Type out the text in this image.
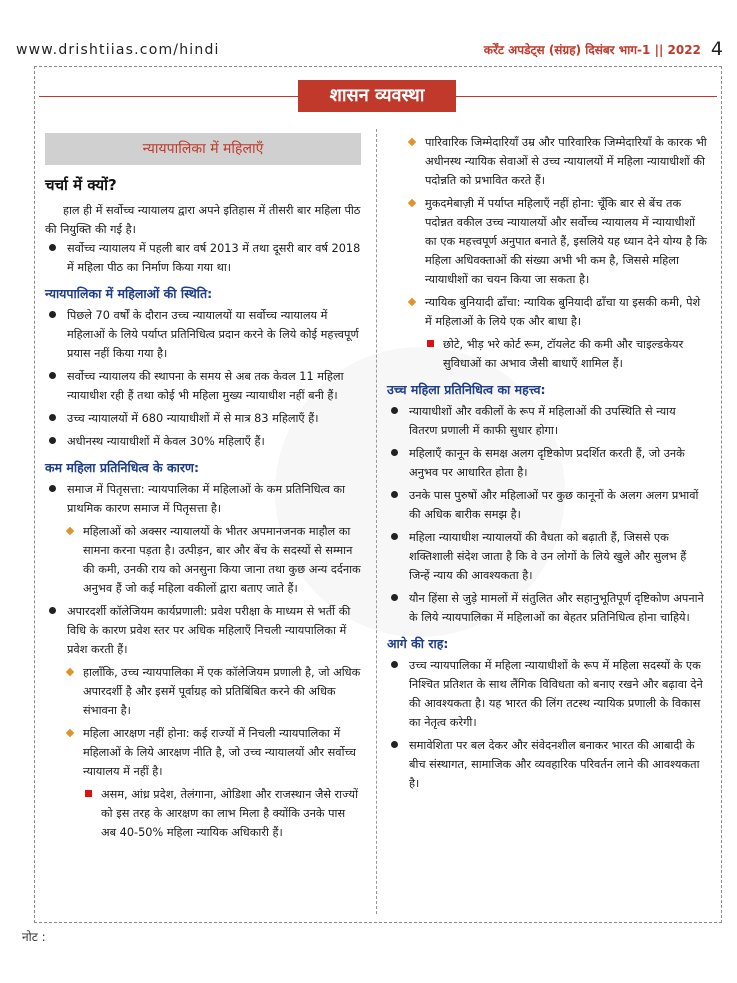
www.drishtiias.com/hindi	कर्रेंट अपडेट्स (संग्रह) दिसंबर भाग-1 || 2022 4
शासन व्यवस्था
न्यायपालिका में महिलाएँ
चर्चा में क्यों?

हाल ही में सर्वोच्च न्यायालय द्वारा अपने इतिहास में तीसरी बार महिला पीठ की नियुक्ति की गई है।

सर्वोच्च न्यायालय में पहली बार वर्ष 2013 में तथा दूसरी बार वर्ष 2018 में महिला पीठ का निर्माण किया गया था।
न्यायपालिका में महिलाओं की स्थिति:
पिछले 70 वर्षों के दौरान उच्च न्यायालयों या सर्वोच्च न्यायालय में महिलाओं के लिये पर्याप्त प्रतिनिधित्व प्रदान करने के लिये कोई महत्त्वपूर्ण प्रयास नहीं किया गया है।
सर्वोच्च न्यायालय की स्थापना के समय से अब तक केवल 11 महिला न्यायाधीश रही हैं तथा कोई भी महिला मुख्य न्यायाधीश नहीं बनी हैं।
उच्च न्यायालयों में 680 न्यायाधीशों में से मात्र 83 महिलाएँ हैं।
अधीनस्थ न्यायाधीशों में केवल 30% महिलाएँ हैं।
कम महिला प्रतिनिधित्व के कारण:
समाज में पितृसत्ता: न्यायपालिका में महिलाओं के कम प्रतिनिधित्व का प्राथमिक कारण समाज में पितृसत्ता है।
महिलाओं को अक्सर न्यायालयों के भीतर अपमानजनक माहौल का सामना करना पड़ता है। उत्पीड़न, बार और बेंच के सदस्यों से सम्मान की कमी, उनकी राय को अनसुना किया जाना तथा कुछ अन्य दर्दनाक अनुभव हैं जो कई महिला वकीलों द्वारा बताए जाते हैं।
अपारदर्शी कॉलेजियम कार्यप्रणाली: प्रवेश परीक्षा के माध्यम से भर्ती की विधि के कारण प्रवेश स्तर पर अधिक महिलाएँ निचली न्यायपालिका में प्रवेश करती हैं।
हालाँकि, उच्च न्यायपालिका में एक कॉलेजियम प्रणाली है, जो अधिक अपारदर्शी है और इसमें पूर्वाग्रह को प्रतिबिंबित करने की अधिक संभावना है।
महिला आरक्षण नहीं होना: कई राज्यों में निचली न्यायपालिका में महिलाओं के लिये आरक्षण नीति है, जो उच्च न्यायालयों और सर्वोच्च न्यायालय में नहीं है।
असम, आंध्र प्रदेश, तेलंगाना, ओडिशा और राजस्थान जैसे राज्यों को इस तरह के आरक्षण का लाभ मिला है क्योंकि उनके पास अब 40-50% महिला न्यायिक अधिकारी हैं।
पारिवारिक जिम्मेदारियाँ उम्र और पारिवारिक जिम्मेदारियाँ के कारक भी अधीनस्थ न्यायिक सेवाओं से उच्च न्यायालयों में महिला न्यायाधीशों की पदोन्नति को प्रभावित करते हैं।
मुकदमेबाज़ी में पर्याप्त महिलाएँ नहीं होना: चूँकि बार से बेंच तक पदोन्नत वकील उच्च न्यायालयों और सर्वोच्च न्यायालय में न्यायाधीशों का एक महत्त्वपूर्ण अनुपात बनाते हैं, इसलिये यह ध्यान देने योग्य है कि महिला अधिवक्ताओं की संख्या अभी भी कम है, जिससे महिला न्यायाधीशों का चयन किया जा सकता है।
न्यायिक बुनियादी ढाँचा: न्यायिक बुनियादी ढाँचा या इसकी कमी, पेशे में महिलाओं के लिये एक और बाधा है।
छोटे, भीड़ भरे कोर्ट रूम, टॉयलेट की कमी और चाइल्डकेयर सुविधाओं का अभाव जैसी बाधाएँ शामिल हैं।
उच्च महिला प्रतिनिधित्व का महत्त्व:
न्यायाधीशों और वकीलों के रूप में महिलाओं की उपस्थिति से न्याय वितरण प्रणाली में काफी सुधार होगा।
महिलाएँ कानून के समक्ष अलग दृष्टिकोण प्रदर्शित करती हैं, जो उनके अनुभव पर आधारित होता है।
उनके पास पुरुषों और महिलाओं पर कुछ कानूनों के अलग अलग प्रभावों की अधिक बारीक समझ है।
महिला न्यायाधीश न्यायालयों की वैधता को बढ़ाती हैं, जिससे एक शक्तिशाली संदेश जाता है कि वे उन लोगों के लिये खुले और सुलभ हैं जिन्हें न्याय की आवश्यकता है।
यौन हिंसा से जुड़े मामलों में संतुलित और सहानुभूतिपूर्ण दृष्टिकोण अपनाने के लिये न्यायपालिका में महिलाओं का बेहतर प्रतिनिधित्व होना चाहिये।
आगे की राह:
उच्च न्यायपालिका में महिला न्यायाधीशों के रूप में महिला सदस्यों के एक निश्चित प्रतिशत के साथ लैंगिक विविधता को बनाए रखने और बढ़ावा देने की आवश्यकता है। यह भारत की लिंग तटस्थ न्यायिक प्रणाली के विकास का नेतृत्व करेगी।
समावेशिता पर बल देकर और संवेदनशील बनाकर भारत की आबादी के बीच संस्थागत, सामाजिक और व्यवहारिक परिवर्तन लाने की आवश्यकता है।
नोट :
